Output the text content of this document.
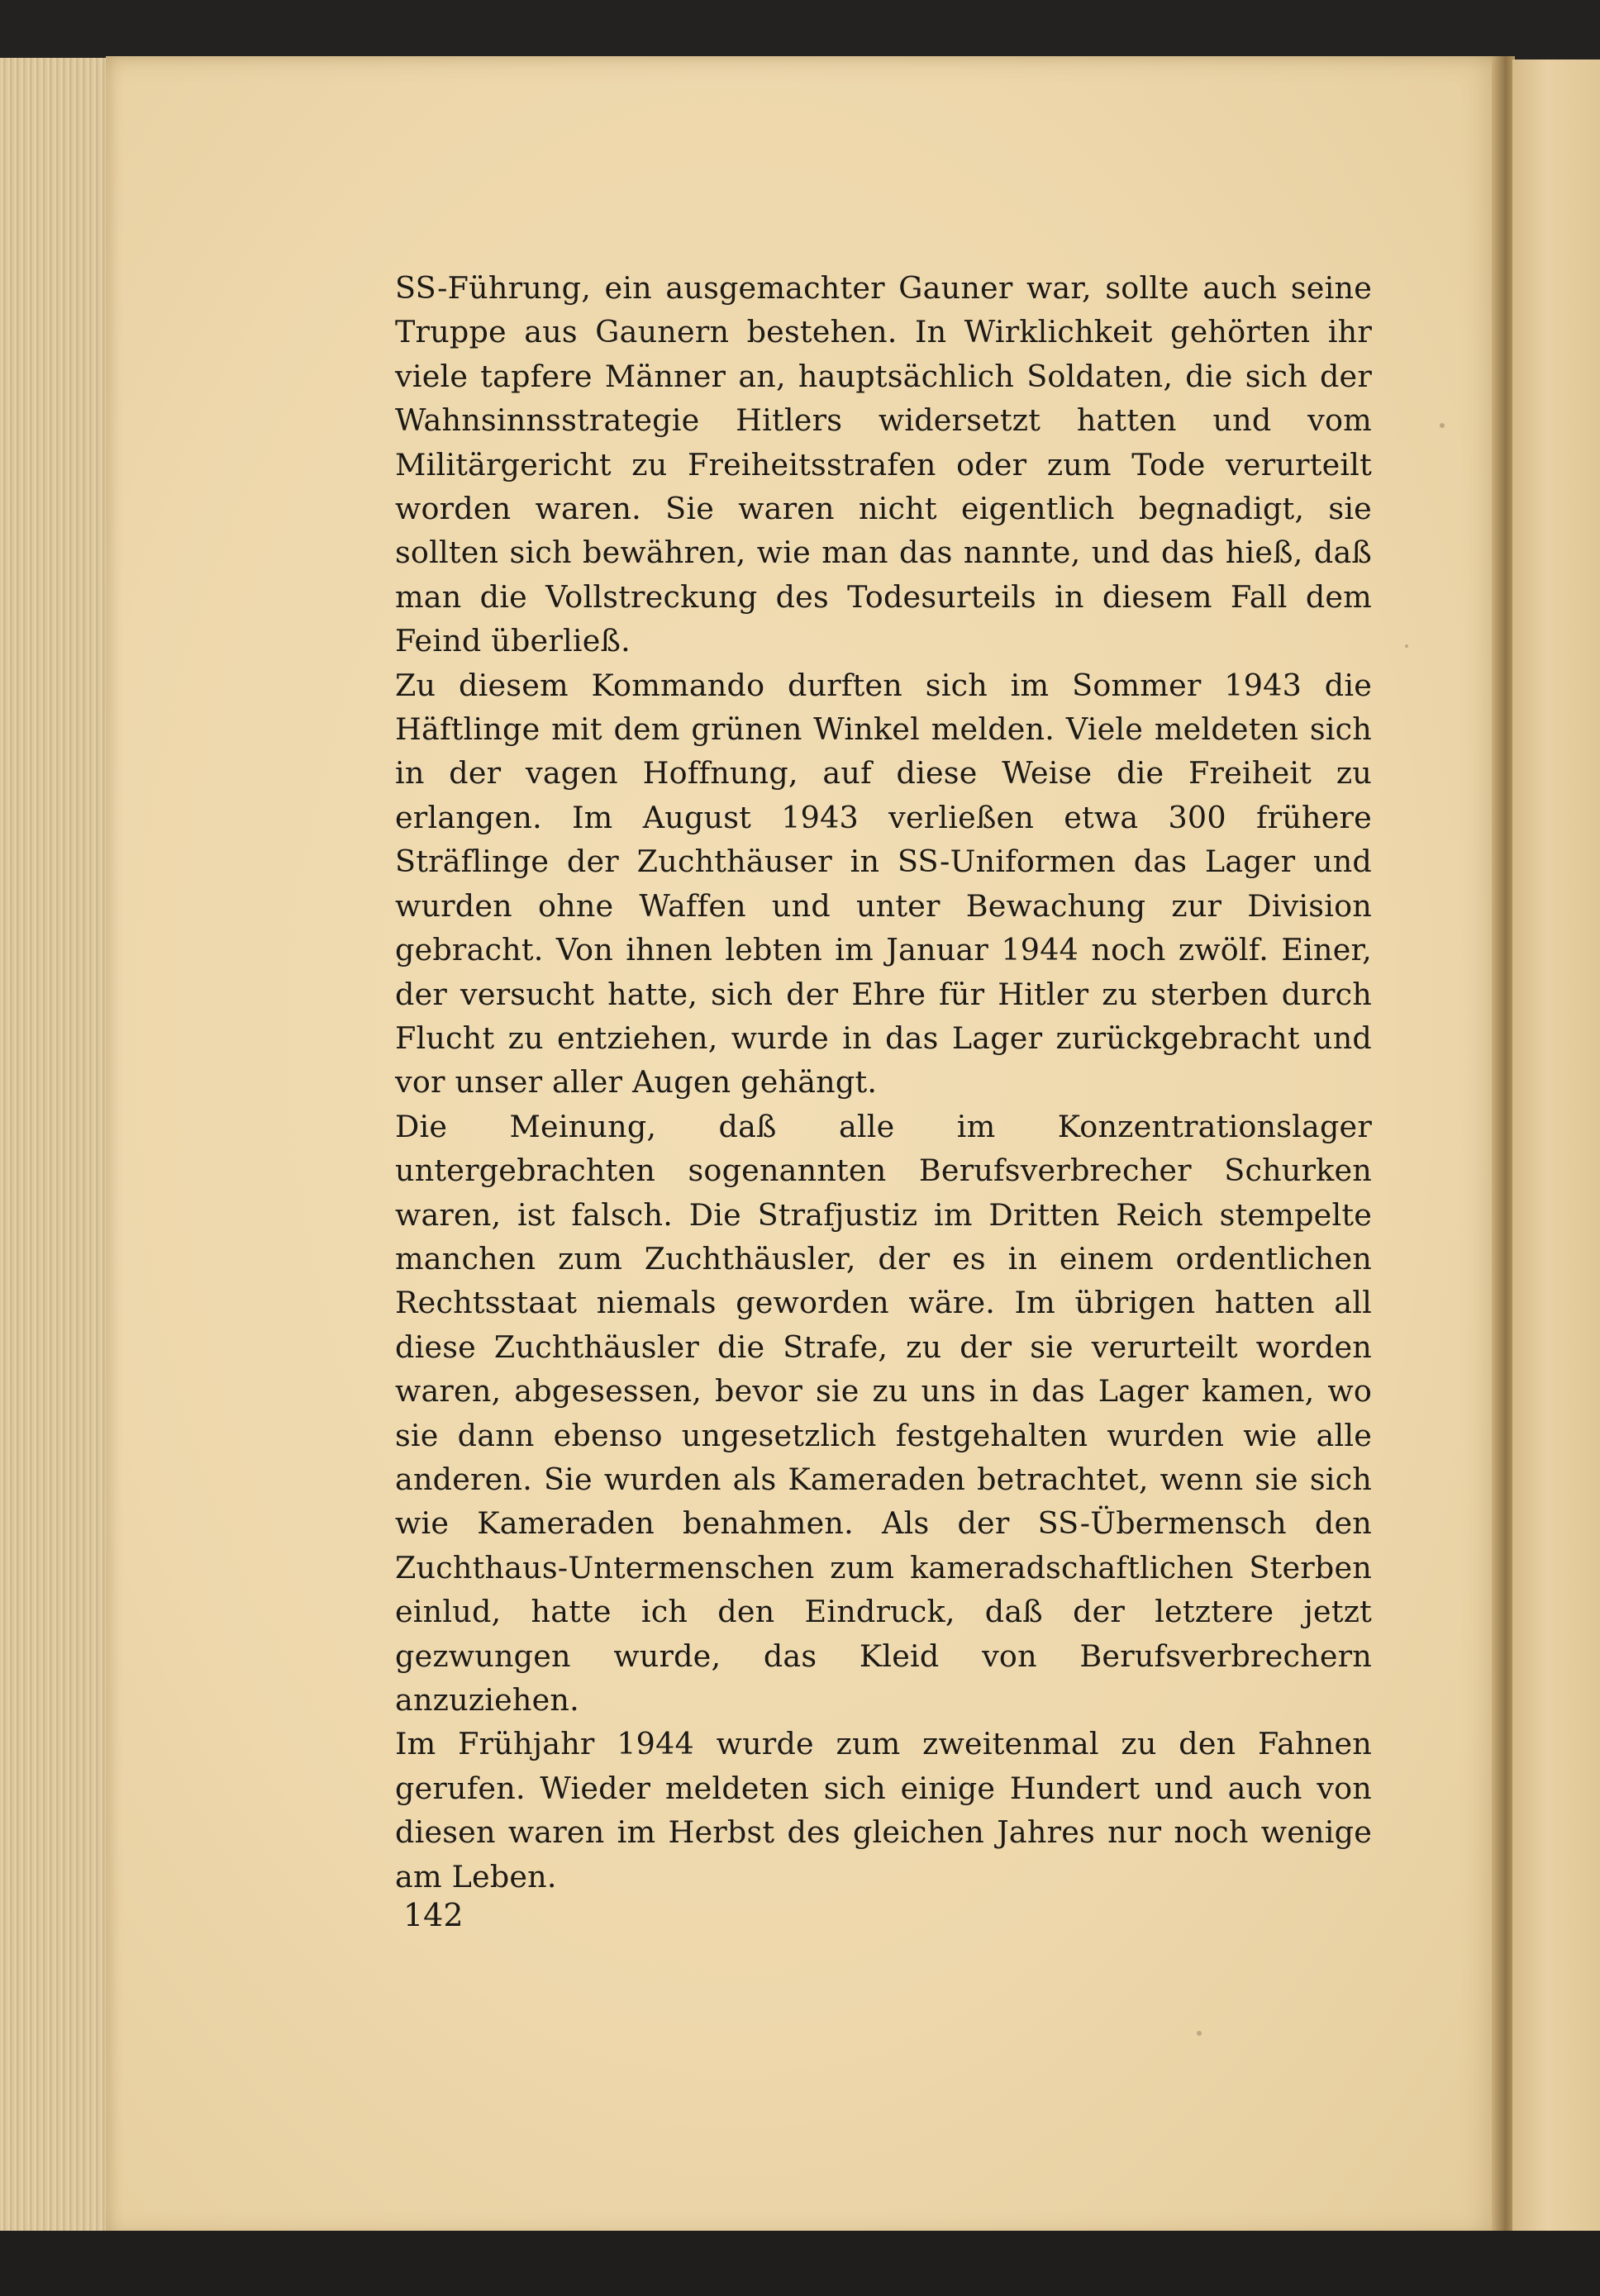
SS-Führung, ein ausgemachter Gauner war, sollte auch seine Truppe aus Gaunern bestehen. In Wirklichkeit gehörten ihr viele tapfere Männer an, hauptsächlich Soldaten, die sich der Wahnsinnsstrategie Hitlers widersetzt hatten und vom Militärgericht zu Freiheitsstrafen oder zum Tode verurteilt worden waren. Sie waren nicht eigentlich begnadigt, sie sollten sich bewähren, wie man das nannte, und das hieß, daß man die Vollstreckung des Todesurteils in diesem Fall dem Feind überließ.

Zu diesem Kommando durften sich im Sommer 1943 die Häftlinge mit dem grünen Winkel melden. Viele meldeten sich in der vagen Hoffnung, auf diese Weise die Freiheit zu erlangen. Im August 1943 verließen etwa 300 frühere Sträflinge der Zuchthäuser in SS-Uniformen das Lager und wurden ohne Waffen und unter Bewachung zur Division gebracht. Von ihnen lebten im Januar 1944 noch zwölf. Einer, der versucht hatte, sich der Ehre für Hitler zu sterben durch Flucht zu entziehen, wurde in das Lager zurückgebracht und vor unser aller Augen gehängt.

Die Meinung, daß alle im Konzentrationslager untergebrachten sogenannten Berufsverbrecher Schurken waren, ist falsch. Die Strafjustiz im Dritten Reich stempelte manchen zum Zuchthäusler, der es in einem ordentlichen Rechtsstaat niemals geworden wäre. Im übrigen hatten all diese Zuchthäusler die Strafe, zu der sie verurteilt worden waren, abgesessen, bevor sie zu uns in das Lager kamen, wo sie dann ebenso ungesetzlich festgehalten wurden wie alle anderen. Sie wurden als Kameraden betrachtet, wenn sie sich wie Kameraden benahmen. Als der SS-Übermensch den Zuchthaus-Untermenschen zum kameradschaftlichen Sterben einlud, hatte ich den Eindruck, daß der letztere jetzt gezwungen wurde, das Kleid von Berufsverbrechern anzuziehen.

Im Frühjahr 1944 wurde zum zweitenmal zu den Fahnen gerufen. Wieder meldeten sich einige Hundert und auch von diesen waren im Herbst des gleichen Jahres nur noch wenige am Leben.

142
